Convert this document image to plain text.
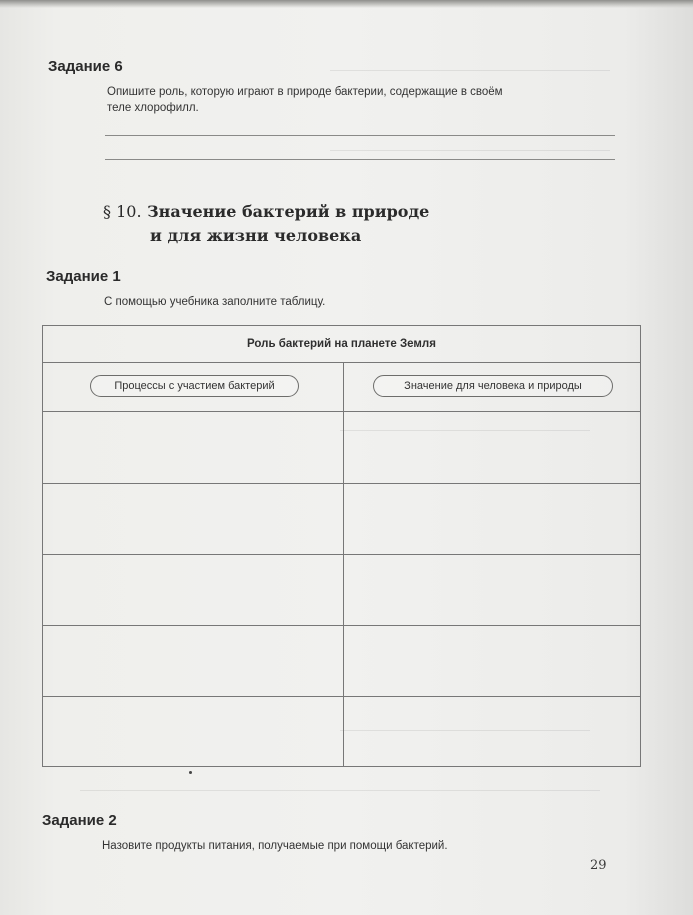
Задание 6
Опишите роль, которую играют в природе бактерии, содержащие в своём
теле хлорофилл.
§ 10. Значение бактерий в природе
и для жизни человека
Задание 1
С помощью учебника заполните таблицу.
Роль бактерий на планете Земля
Процессы с участием бактерий	Значение для человека и природы
Задание 2
Назовите продукты питания, получаемые при помощи бактерий.
29
